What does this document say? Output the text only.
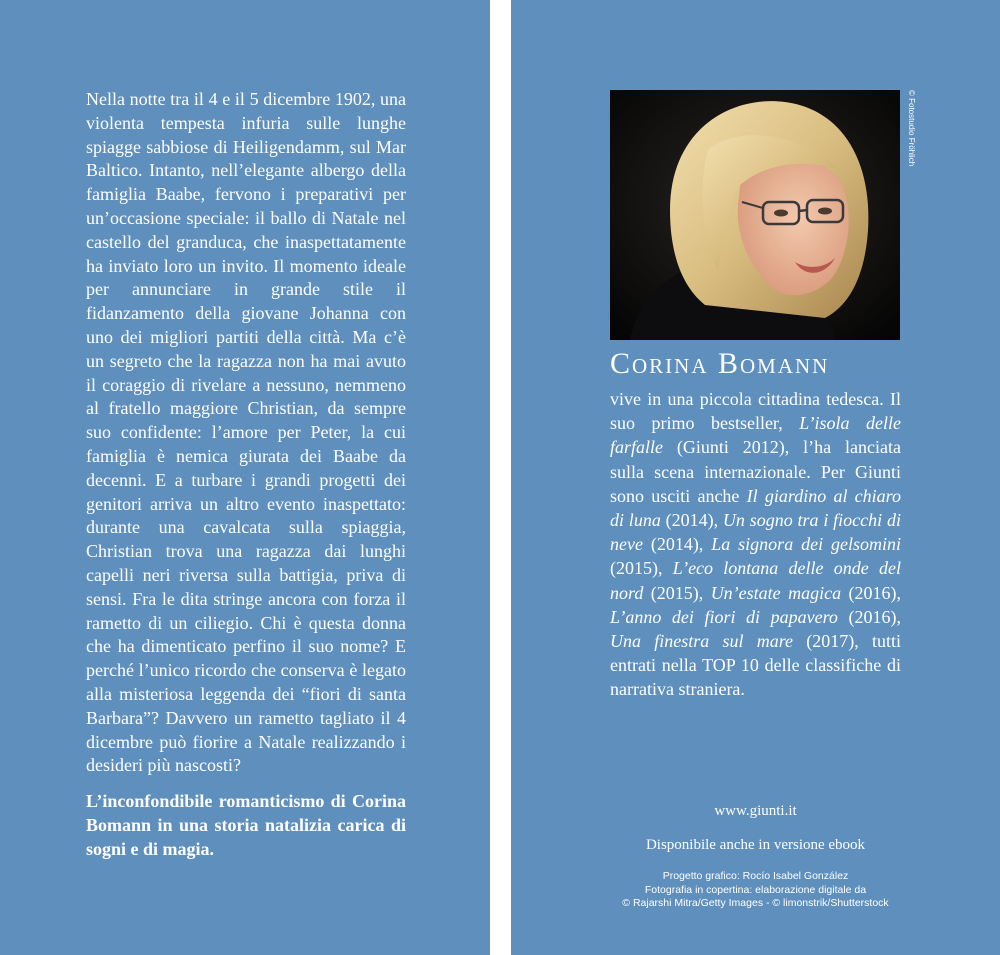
Nella notte tra il 4 e il 5 dicembre 1902, una violenta tempesta infuria sulle lunghe spiagge sabbiose di Heiligendamm, sul Mar Baltico. Intanto, nell’elegante albergo della famiglia Baabe, fervono i preparativi per un’occasione speciale: il ballo di Natale nel castello del granduca, che inaspettatamente ha inviato loro un invito. Il momento ideale per annunciare in grande stile il fidanzamento della giovane Johanna con uno dei migliori partiti della città. Ma c’è un segreto che la ragazza non ha mai avuto il coraggio di rivelare a nessuno, nemmeno al fratello maggiore Christian, da sempre suo confidente: l’amore per Peter, la cui famiglia è nemica giurata dei Baabe da decenni. E a turbare i grandi progetti dei genitori arriva un altro evento inaspettato: durante una cavalcata sulla spiaggia, Christian trova una ragazza dai lunghi capelli neri riversa sulla battigia, priva di sensi. Fra le dita stringe ancora con forza il rametto di un ciliegio. Chi è questa donna che ha dimenticato perfino il suo nome? E perché l’unico ricordo che conserva è legato alla misteriosa leggenda dei “fiori di santa Barbara”? Davvero un rametto tagliato il 4 dicembre può fiorire a Natale realizzando i desideri più nascosti?

L’inconfondibile romanticismo di Corina Bomann in una storia natalizia carica di sogni e di magia.

© Fotostudio Fröhlich
Corina Bomann

vive in una piccola cittadina tedesca. Il suo primo bestseller, L’isola delle farfalle (Giunti 2012), l’ha lanciata sulla scena internazionale. Per Giunti sono usciti anche Il giardino al chiaro di luna (2014), Un sogno tra i fiocchi di neve (2014), La signora dei gelsomini (2015), L’eco lontana delle onde del nord (2015), Un’estate magica (2016), L’anno dei fiori di papavero (2016), Una finestra sul mare (2017), tutti entrati nella TOP 10 delle classifiche di narrativa straniera.

www.giunti.it
Disponibile anche in versione ebook
Progetto grafico: Rocío Isabel González
Fotografia in copertina: elaborazione digitale da
© Rajarshi Mitra/Getty Images - © limonstrik/Shutterstock
